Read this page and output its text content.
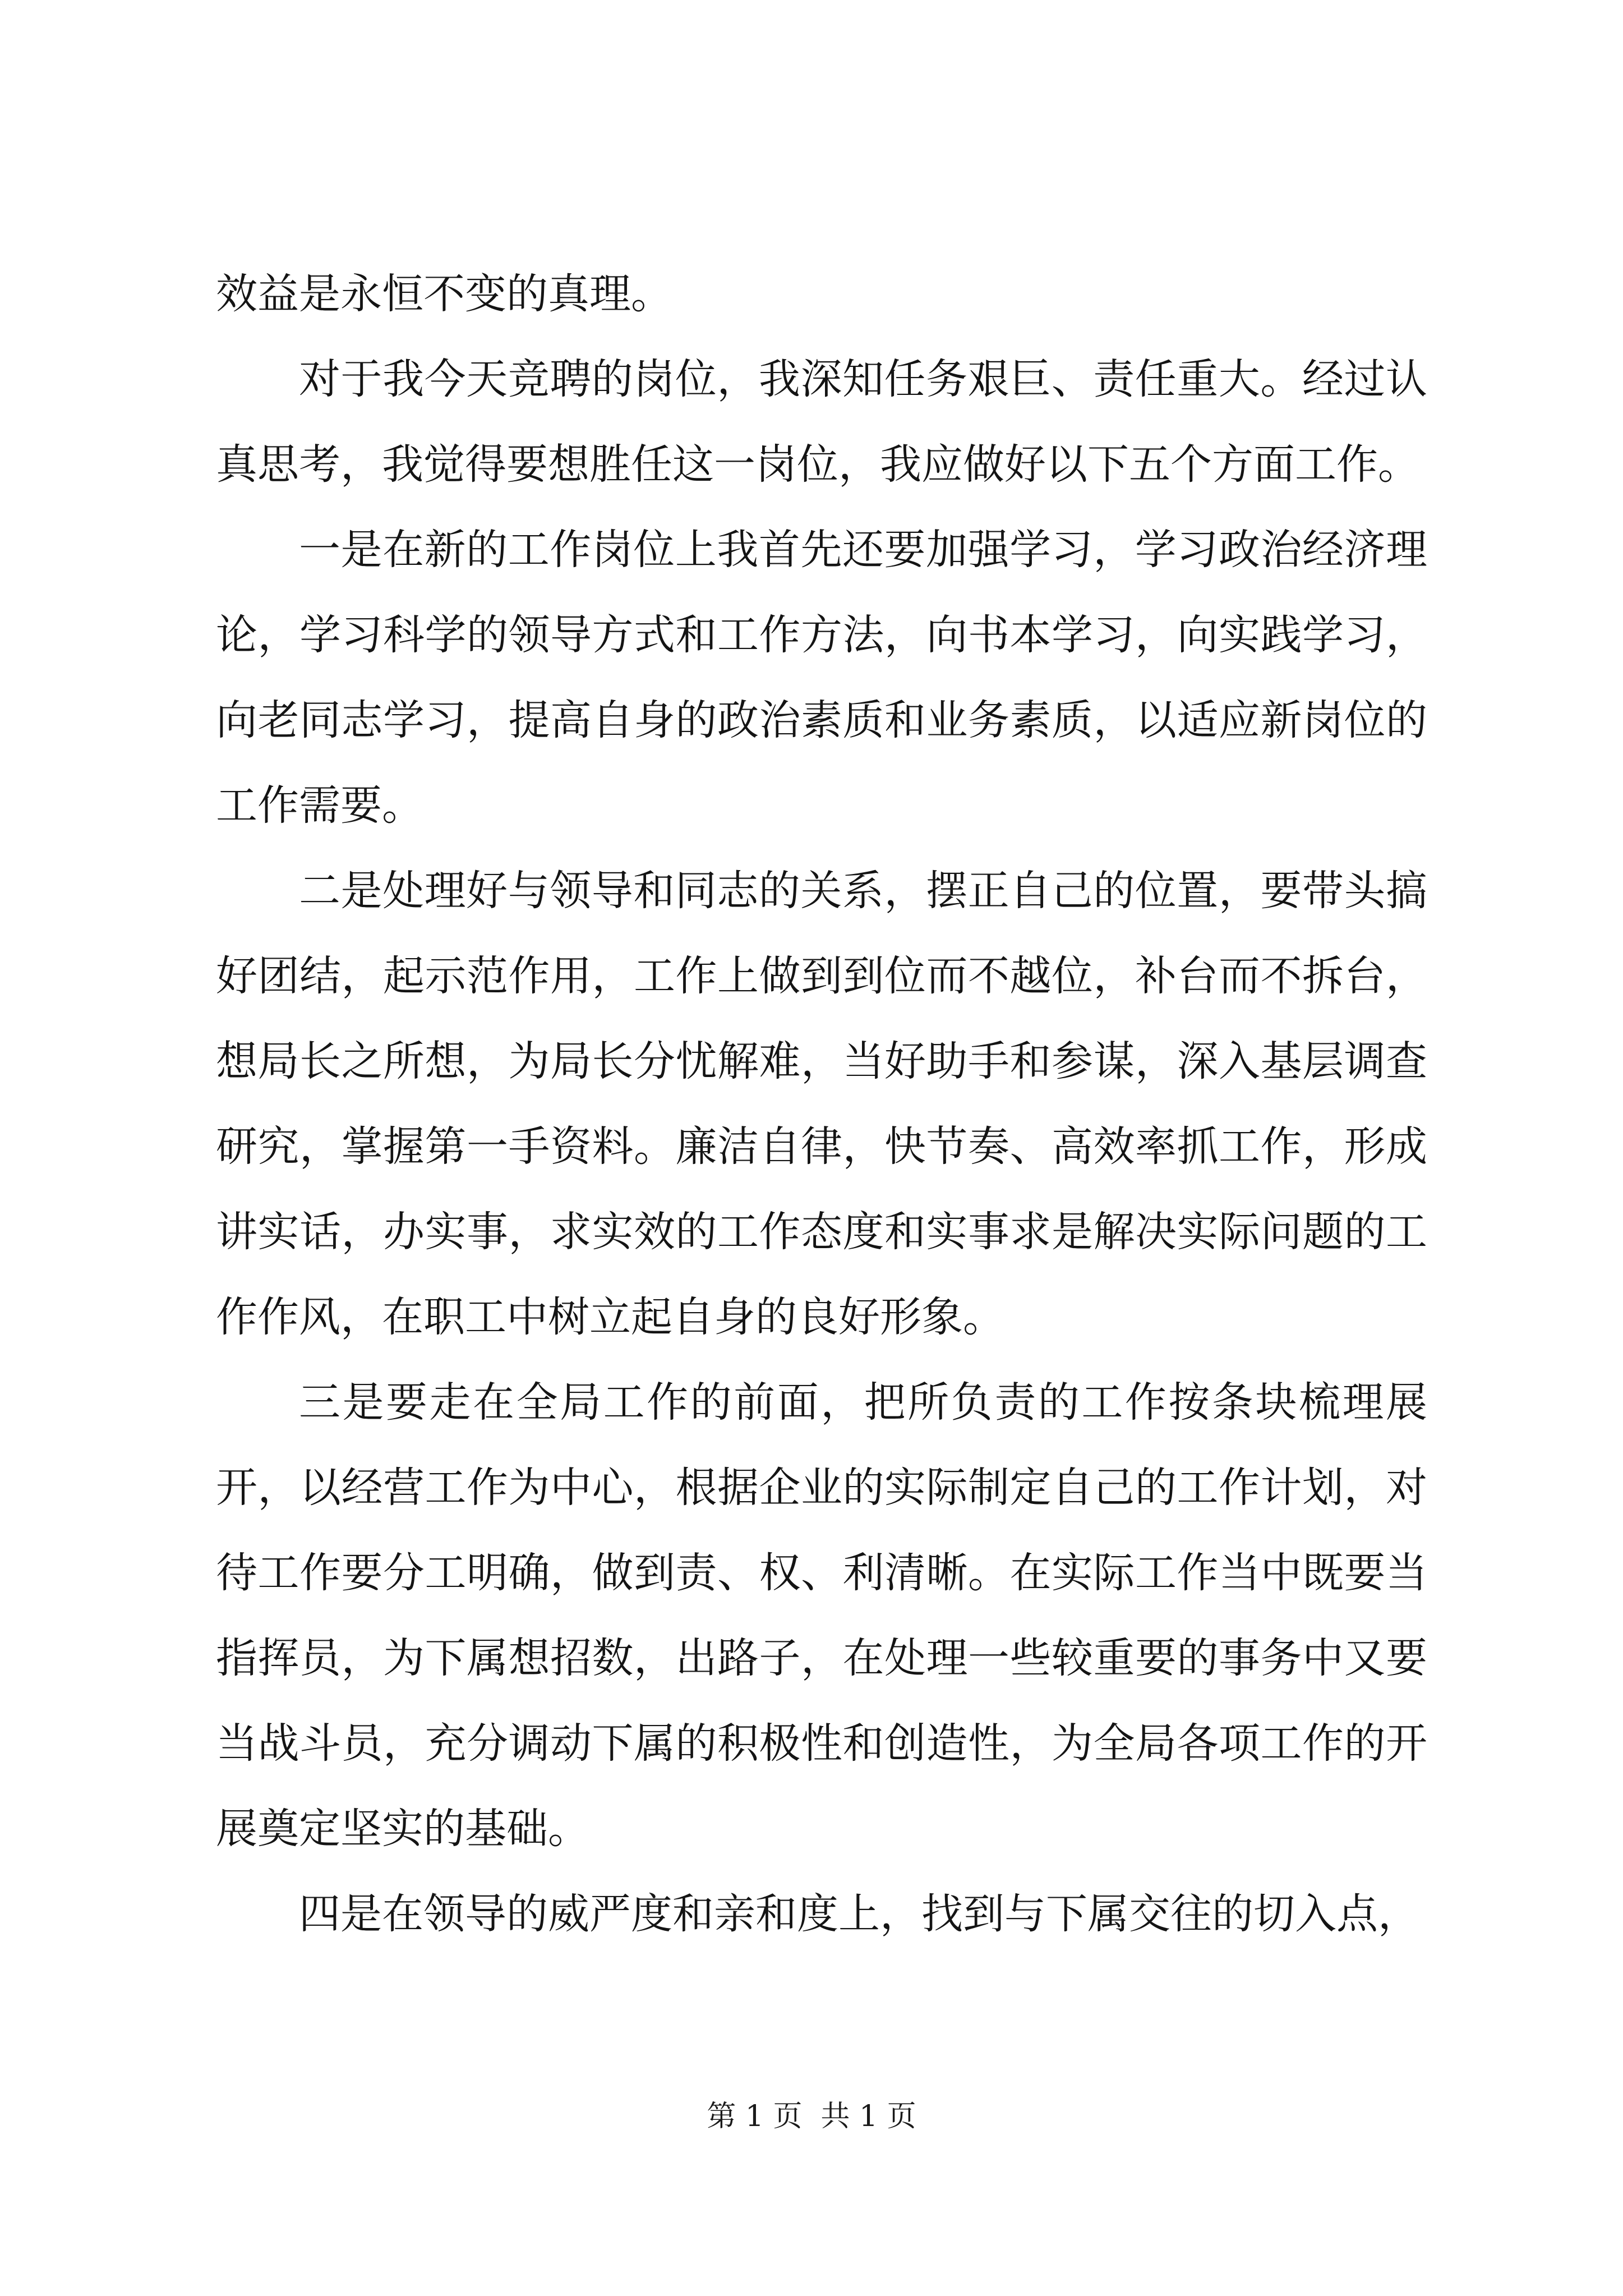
效益是永恒不变的真理。

对于我今天竞聘的岗位，我深知任务艰巨、责任重大。经过认真思考，我觉得要想胜任这一岗位，我应做好以下五个方面工作。

一是在新的工作岗位上我首先还要加强学习，学习政治经济理论，学习科学的领导方式和工作方法，向书本学习，向实践学习，向老同志学习，提高自身的政治素质和业务素质，以适应新岗位的工作需要。

二是处理好与领导和同志的关系，摆正自己的位置，要带头搞好团结，起示范作用，工作上做到到位而不越位，补台而不拆台，想局长之所想，为局长分忧解难，当好助手和参谋，深入基层调查研究，掌握第一手资料。廉洁自律，快节奏、高效率抓工作，形成讲实话，办实事，求实效的工作态度和实事求是解决实际问题的工作作风，在职工中树立起自身的良好形象。

三是要走在全局工作的前面，把所负责的工作按条块梳理展开，以经营工作为中心，根据企业的实际制定自己的工作计划，对待工作要分工明确，做到责、权、利清晰。在实际工作当中既要当指挥员，为下属想招数，出路子，在处理一些较重要的事务中又要当战斗员，充分调动下属的积极性和创造性，为全局各项工作的开展奠定坚实的基础。

四是在领导的威严度和亲和度上，找到与下属交往的切入点，

第 1 页  共 1 页
